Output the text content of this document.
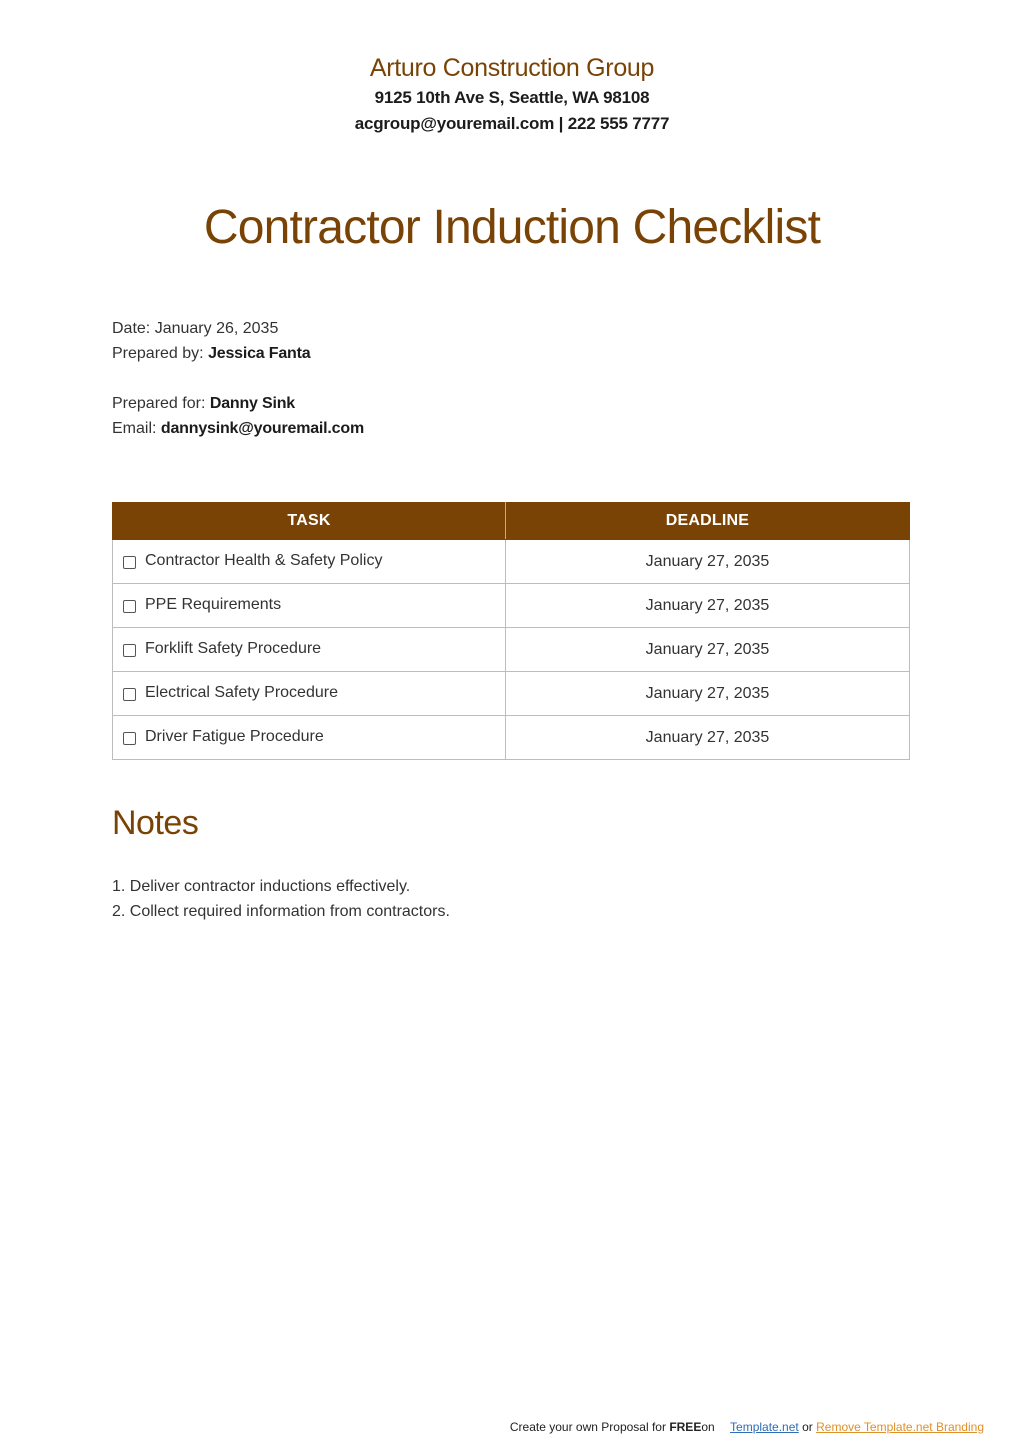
Arturo Construction Group
9125 10th Ave S, Seattle, WA 98108
acgroup@youremail.com | 222 555 7777
Contractor Induction Checklist
Date: January 26, 2035
Prepared by: Jessica Fanta
Prepared for: Danny Sink
Email: dannysink@youremail.com
TASK	DEADLINE
Contractor Health & Safety Policy	January 27, 2035
PPE Requirements	January 27, 2035
Forklift Safety Procedure	January 27, 2035
Electrical Safety Procedure	January 27, 2035
Driver Fatigue Procedure	January 27, 2035
Notes
1. Deliver contractor inductions effectively.
2. Collect required information from contractors.
Create your own Proposal for FREEon Template.net or Remove Template.net Branding
